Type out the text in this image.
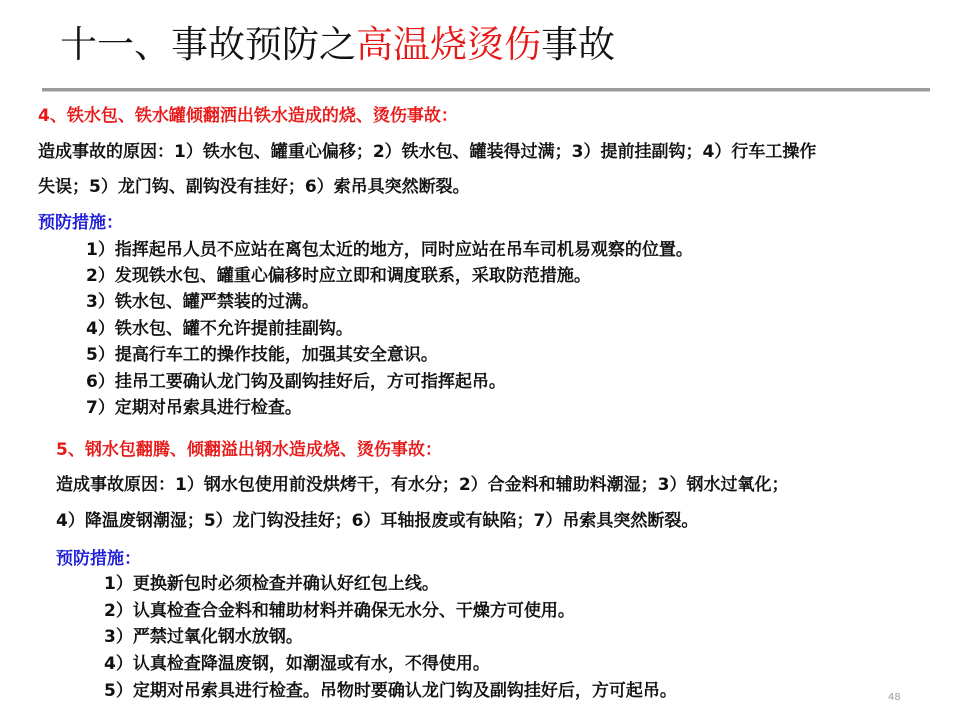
十一、事故预防之高温烧烫伤事故
4、铁水包、铁水罐倾翻洒出铁水造成的烧、烫伤事故：
造成事故的原因：1）铁水包、罐重心偏移；2）铁水包、罐装得过满；3）提前挂副钩；4）行车工操作
失误；5）龙门钩、副钩没有挂好；6）索吊具突然断裂。
预防措施：
1）指挥起吊人员不应站在离包太近的地方，同时应站在吊车司机易观察的位置。
2）发现铁水包、罐重心偏移时应立即和调度联系，采取防范措施。
3）铁水包、罐严禁装的过满。
4）铁水包、罐不允许提前挂副钩。
5）提高行车工的操作技能，加强其安全意识。
6）挂吊工要确认龙门钩及副钩挂好后，方可指挥起吊。
7）定期对吊索具进行检查。
5、钢水包翻腾、倾翻溢出钢水造成烧、烫伤事故：
造成事故原因：1）钢水包使用前没烘烤干，有水分；2）合金料和辅助料潮湿；3）钢水过氧化；
4）降温废钢潮湿；5）龙门钩没挂好；6）耳轴报废或有缺陷；7）吊索具突然断裂。
预防措施：
1）更换新包时必须检查并确认好红包上线。
2）认真检查合金料和辅助材料并确保无水分、干燥方可使用。
3）严禁过氧化钢水放钢。
4）认真检查降温废钢，如潮湿或有水，不得使用。
5）定期对吊索具进行检查。吊物时要确认龙门钩及副钩挂好后，方可起吊。	48
